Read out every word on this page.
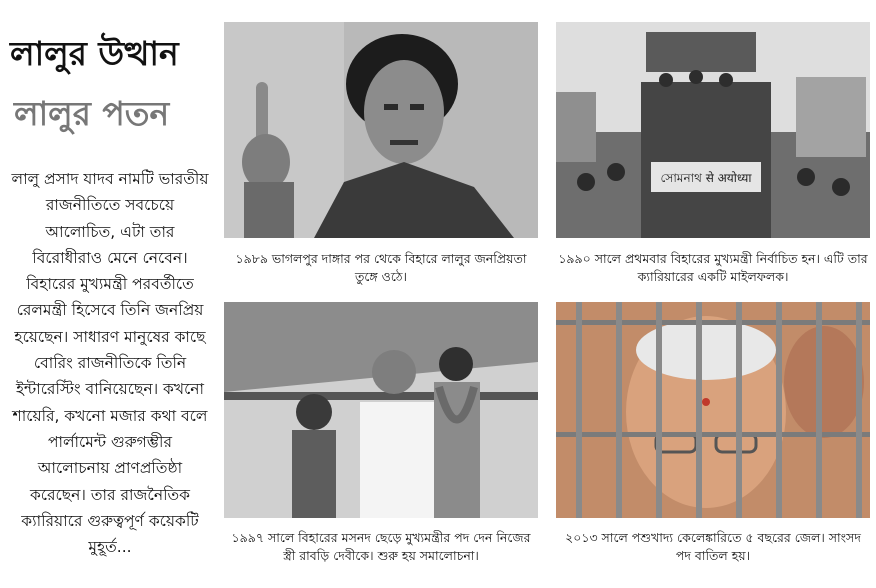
লালুর উত্থান
লালুর পতন
লালু প্রসাদ যাদব নামটি ভারতীয় রাজনীতিতে সবচেয়ে আলোচিত, এটা তার বিরোধীরাও মেনে নেবেন। বিহারের মুখ্যমন্ত্রী পরবর্তীতে রেলমন্ত্রী হিসেবে তিনি জনপ্রিয় হয়েছেন। সাধারণ মানুষের কাছে বোরিং রাজনীতিকে তিনি ইন্টারেস্টিং বানিয়েছেন। কখনো শায়েরি, কখনো মজার কথা বলে পার্লামেন্ট গুরুগম্ভীর আলোচনায় প্রাণপ্রতিষ্ঠা করেছেন। তার রাজনৈতিক ক্যারিয়ারে গুরুত্বপূর্ণ কয়েকটি মুহূর্ত...
১৯৮৯ ভাগলপুর দাঙ্গার পর থেকে বিহারে লালুর জনপ্রিয়তা তুঙ্গে ওঠে।
সোমনাথ से अयोध्या
১৯৯০ সালে প্রথমবার বিহারের মুখ্যমন্ত্রী নির্বাচিত হন। এটি তার ক্যারিয়ারের একটি মাইলফলক।
১৯৯৭ সালে বিহারের মসনদ ছেড়ে মুখ্যমন্ত্রীর পদ দেন নিজের স্ত্রী রাবড়ি দেবীকে। শুরু হয় সমালোচনা।
২০১৩ সালে পশুখাদ্য কেলেঙ্কারিতে ৫ বছরের জেল। সাংসদ পদ বাতিল হয়।
